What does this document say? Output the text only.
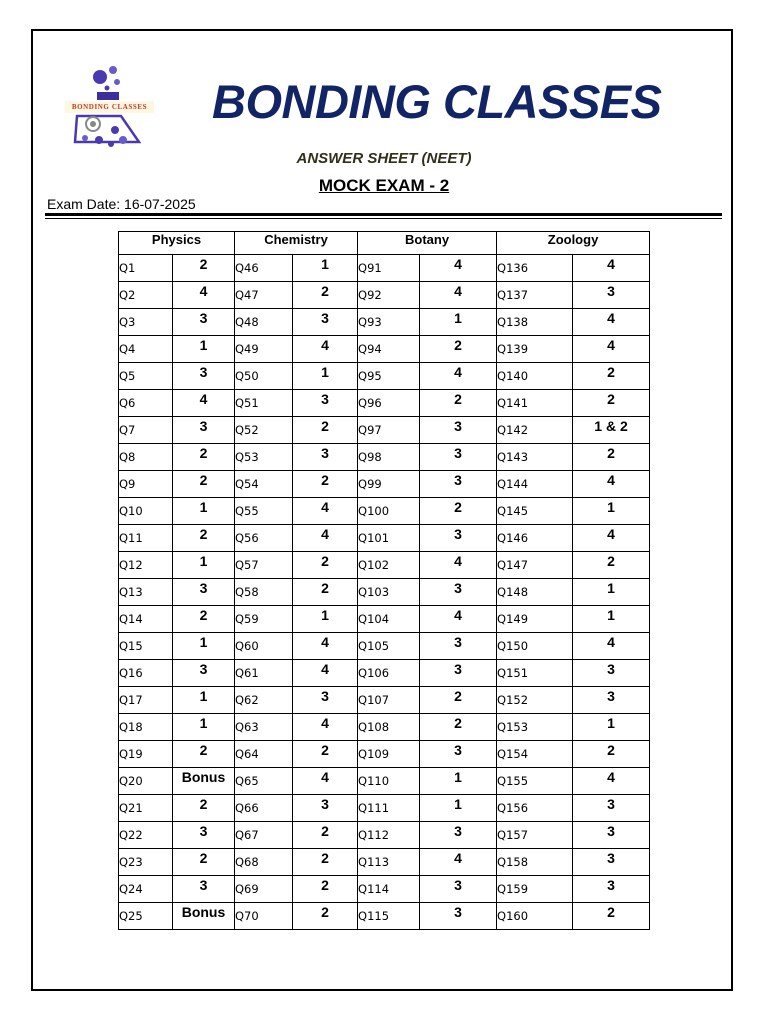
BONDING CLASSES BONDING CLASSES
ANSWER SHEET (NEET)
MOCK EXAM - 2
Exam Date: 16-07-2025
Physics		Chemistry		Botany		Zoology	
Q1	2	Q46	1	Q91	4	Q136	4
Q2	4	Q47	2	Q92	4	Q137	3
Q3	3	Q48	3	Q93	1	Q138	4
Q4	1	Q49	4	Q94	2	Q139	4
Q5	3	Q50	1	Q95	4	Q140	2
Q6	4	Q51	3	Q96	2	Q141	2
Q7	3	Q52	2	Q97	3	Q142	1 & 2
Q8	2	Q53	3	Q98	3	Q143	2
Q9	2	Q54	2	Q99	3	Q144	4
Q10	1	Q55	4	Q100	2	Q145	1
Q11	2	Q56	4	Q101	3	Q146	4
Q12	1	Q57	2	Q102	4	Q147	2
Q13	3	Q58	2	Q103	3	Q148	1
Q14	2	Q59	1	Q104	4	Q149	1
Q15	1	Q60	4	Q105	3	Q150	4
Q16	3	Q61	4	Q106	3	Q151	3
Q17	1	Q62	3	Q107	2	Q152	3
Q18	1	Q63	4	Q108	2	Q153	1
Q19	2	Q64	2	Q109	3	Q154	2
Q20	Bonus	Q65	4	Q110	1	Q155	4
Q21	2	Q66	3	Q111	1	Q156	3
Q22	3	Q67	2	Q112	3	Q157	3
Q23	2	Q68	2	Q113	4	Q158	3
Q24	3	Q69	2	Q114	3	Q159	3
Q25	Bonus	Q70	2	Q115	3	Q160	2
